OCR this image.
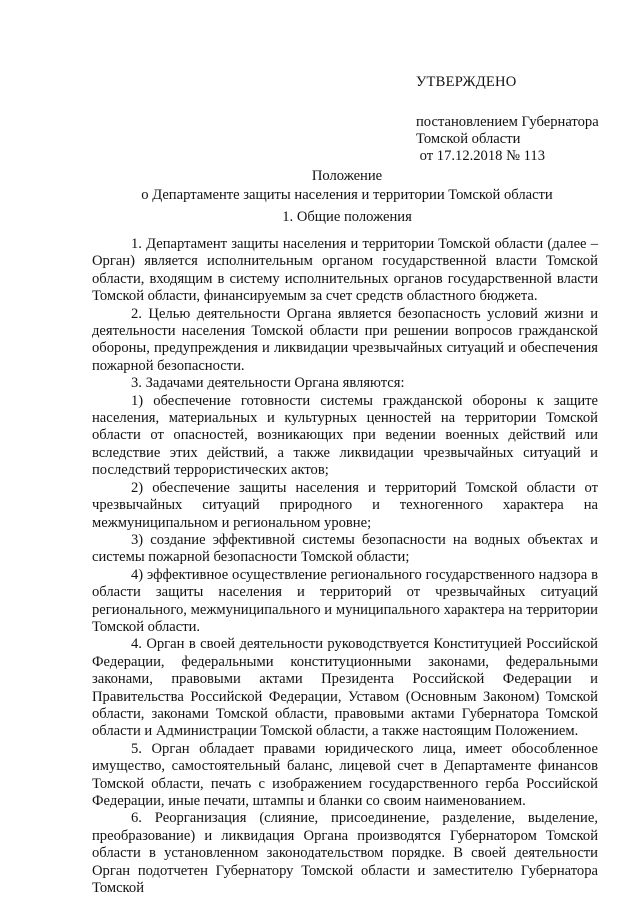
УТВЕРЖДЕНО
постановлением Губернатора
Томской области
от 17.12.2018 № 113
Положение
о Департаменте защиты населения и территории Томской области
1. Общие положения

1. Департамент защиты населения и территории Томской области (далее – Орган) является исполнительным органом государственной власти Томской области, входящим в систему исполнительных органов государственной власти Томской области, финансируемым за счет средств областного бюджета.

2. Целью деятельности Органа является безопасность условий жизни и деятельности населения Томской области при решении вопросов гражданской обороны, предупреждения и ликвидации чрезвычайных ситуаций и обеспечения пожарной безопасности.

3. Задачами деятельности Органа являются:

1) обеспечение готовности системы гражданской обороны к защите населения, материальных и культурных ценностей на территории Томской области от опасностей, возникающих при ведении военных действий или вследствие этих действий, а также ликвидации чрезвычайных ситуаций и последствий террористических актов;

2) обеспечение защиты населения и территорий Томской области от чрезвычайных ситуаций природного и техногенного характера на межмуниципальном и региональном уровне;

3) создание эффективной системы безопасности на водных объектах и системы пожарной безопасности Томской области;

4) эффективное осуществление регионального государственного надзора в области защиты населения и территорий от чрезвычайных ситуаций регионального, межмуниципального и муниципального характера на территории Томской области.

4. Орган в своей деятельности руководствуется Конституцией Российской Федерации, федеральными конституционными законами, федеральными законами, правовыми актами Президента Российской Федерации и Правительства Российской Федерации, Уставом (Основным Законом) Томской области, законами Томской области, правовыми актами Губернатора Томской области и Администрации Томской области, а также настоящим Положением.

5. Орган обладает правами юридического лица, имеет обособленное имущество, самостоятельный баланс, лицевой счет в Департаменте финансов Томской области, печать с изображением государственного герба Российской Федерации, иные печати, штампы и бланки со своим наименованием.

6. Реорганизация (слияние, присоединение, разделение, выделение, преобразование) и ликвидация Органа производятся Губернатором Томской области в установленном законодательством порядке. В своей деятельности Орган подотчетен Губернатору Томской области и заместителю Губернатора Томской
